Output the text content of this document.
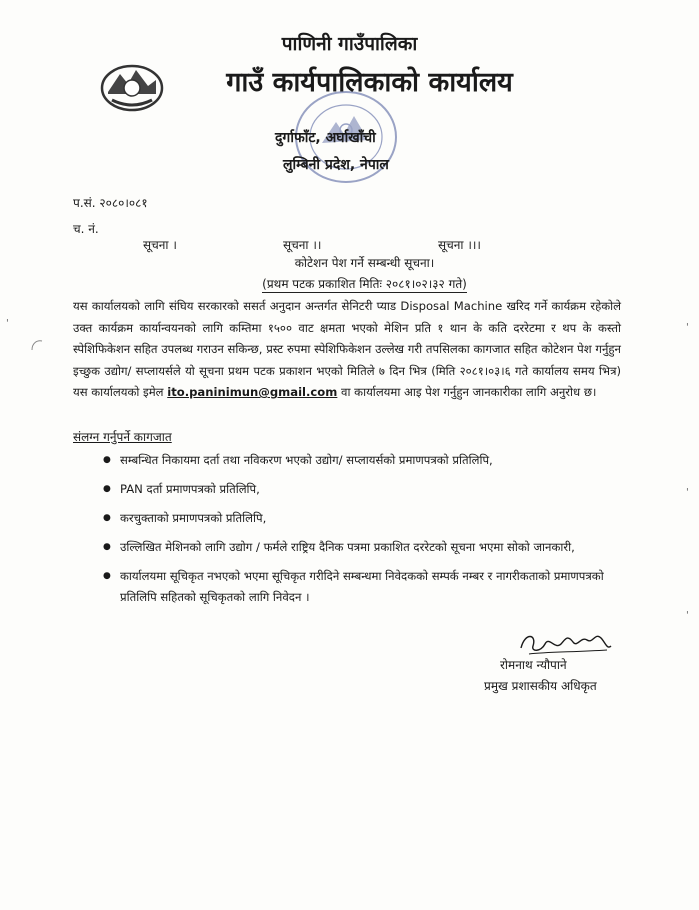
पाणिनी गाउँपालिका
गाउँ कार्यपालिकाको कार्यालय
दुर्गाफाँट, अर्घाखाँची
लुम्बिनी प्रदेश, नेपाल
प.सं. २०८०।०८१
च. नं.
सूचना ।	सूचना ।।	सूचना ।।।
कोटेशन पेश गर्ने सम्बन्धी सूचना।
(प्रथम पटक प्रकाशित मितिः २०८१।०२।३२ गते)
यस कार्यालयको लागि संघिय सरकारको ससर्त अनुदान अन्तर्गत सेनिटरी प्याड Disposal Machine खरिद गर्ने कार्यक्रम रहेकोले उक्त कार्यक्रम कार्यान्वयनको लागि कम्तिमा १५०० वाट क्षमता भएको मेशिन प्रति १ थान के कति दररेटमा र थप के कस्तो स्पेशिफिकेशन सहित उपलब्ध गराउन सकिन्छ, प्रस्ट रुपमा स्पेशिफिकेशन उल्लेख गरी तपसिलका कागजात सहित कोटेशन पेश गर्नुहुन इच्छुक उद्योग/ सप्लायर्सले यो सूचना प्रथम पटक प्रकाशन भएको मितिले ७ दिन भित्र (मिति २०८१।०३।६ गते कार्यालय समय भित्र) यस कार्यालयको इमेल ito.paninimun@gmail.com वा कार्यालयमा आइ पेश गर्नुहुन जानकारीका लागि अनुरोध छ।
संलग्न गर्नुपर्ने कागजात
● सम्बन्धित निकायमा दर्ता तथा नविकरण भएको उद्योग/ सप्लायर्सको प्रमाणपत्रको प्रतिलिपि,
● PAN दर्ता प्रमाणपत्रको प्रतिलिपि,
● करचुक्ताको प्रमाणपत्रको प्रतिलिपि,
● उल्लिखित मेशिनको लागि उद्योग / फर्मले राष्ट्रिय दैनिक पत्रमा प्रकाशित दररेटको सूचना भएमा सोको जानकारी,
● कार्यालयमा सूचिकृत नभएको भएमा सूचिकृत गरीदिने सम्बन्धमा निवेदकको सम्पर्क नम्बर र नागरीकताको प्रमाणपत्रको प्रतिलिपि सहितको सूचिकृतको लागि निवेदन ।
रोमनाथ न्यौपाने
प्रमुख प्रशासकीय अधिकृत
'	'
'
'
